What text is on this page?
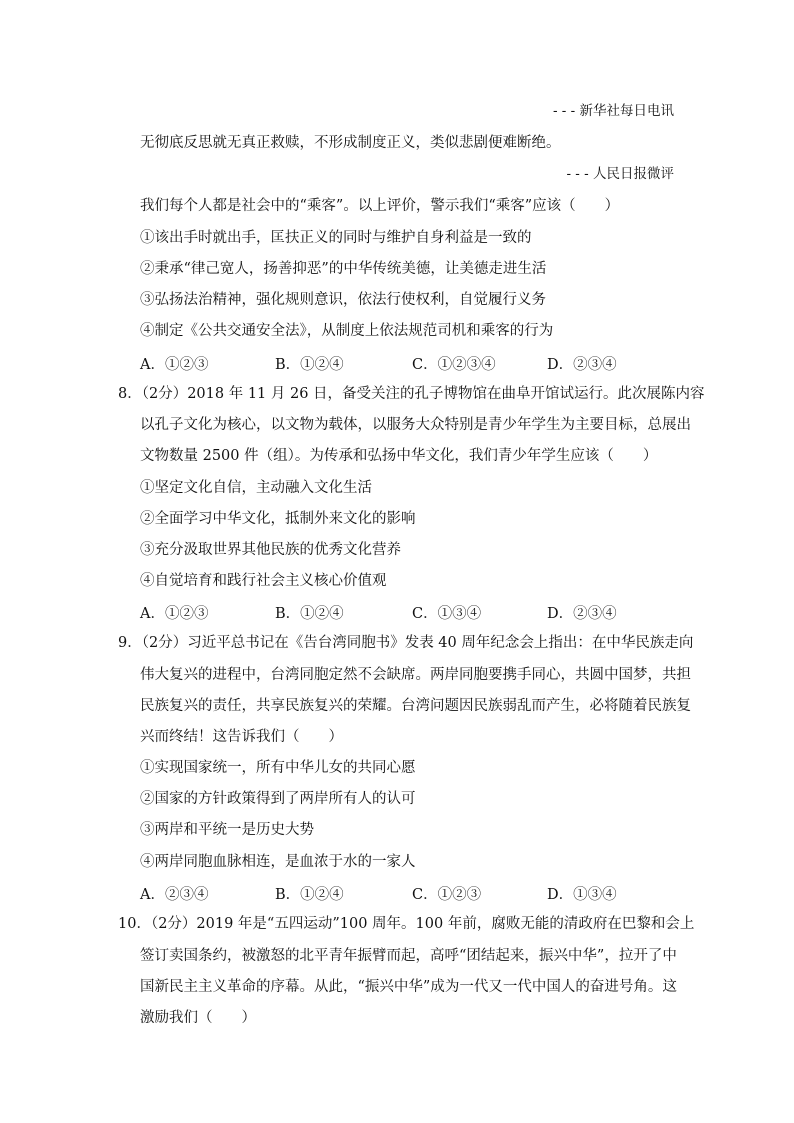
- - - 新华社每日电讯
无彻底反思就无真正救赎，不形成制度正义，类似悲剧便难断绝。
- - - 人民日报微评
我们每个人都是社会中的“乘客”。以上评价，警示我们“乘客”应该（　　）
①该出手时就出手，匡扶正义的同时与维护自身利益是一致的
②秉承“律己宽人，扬善抑恶”的中华传统美德，让美德走进生活
③弘扬法治精神，强化规则意识，依法行使权利，自觉履行义务
④制定《公共交通安全法》，从制度上依法规范司机和乘客的行为
A．①②③	B．①②④	C．①②③④	D．②③④
8．（2分）2018 年 11 月 26 日，备受关注的孔子博物馆在曲阜开馆试运行。此次展陈内容
以孔子文化为核心，以文物为载体，以服务大众特别是青少年学生为主要目标，总展出
文物数量 2500 件（组）。为传承和弘扬中华文化，我们青少年学生应该（　　）
①坚定文化自信，主动融入文化生活
②全面学习中华文化，抵制外来文化的影响
③充分汲取世界其他民族的优秀文化营养
④自觉培育和践行社会主义核心价值观
A．①②③	B．①②④	C．①③④	D．②③④
9．（2分）习近平总书记在《告台湾同胞书》发表 40 周年纪念会上指出：在中华民族走向
伟大复兴的进程中，台湾同胞定然不会缺席。两岸同胞要携手同心，共圆中国梦，共担
民族复兴的责任，共享民族复兴的荣耀。台湾问题因民族弱乱而产生，必将随着民族复
兴而终结！这告诉我们（　　）
①实现国家统一，所有中华儿女的共同心愿
②国家的方针政策得到了两岸所有人的认可
③两岸和平统一是历史大势
④两岸同胞血脉相连，是血浓于水的一家人
A．②③④	B．①②④	C．①②③	D．①③④
10．（2分）2019 年是“五四运动”100 周年。100 年前，腐败无能的清政府在巴黎和会上
签订卖国条约，被激怒的北平青年振臂而起，高呼“团结起来，振兴中华”，拉开了中
国新民主主义革命的序幕。从此，“振兴中华”成为一代又一代中国人的奋进号角。这
激励我们（　　）
